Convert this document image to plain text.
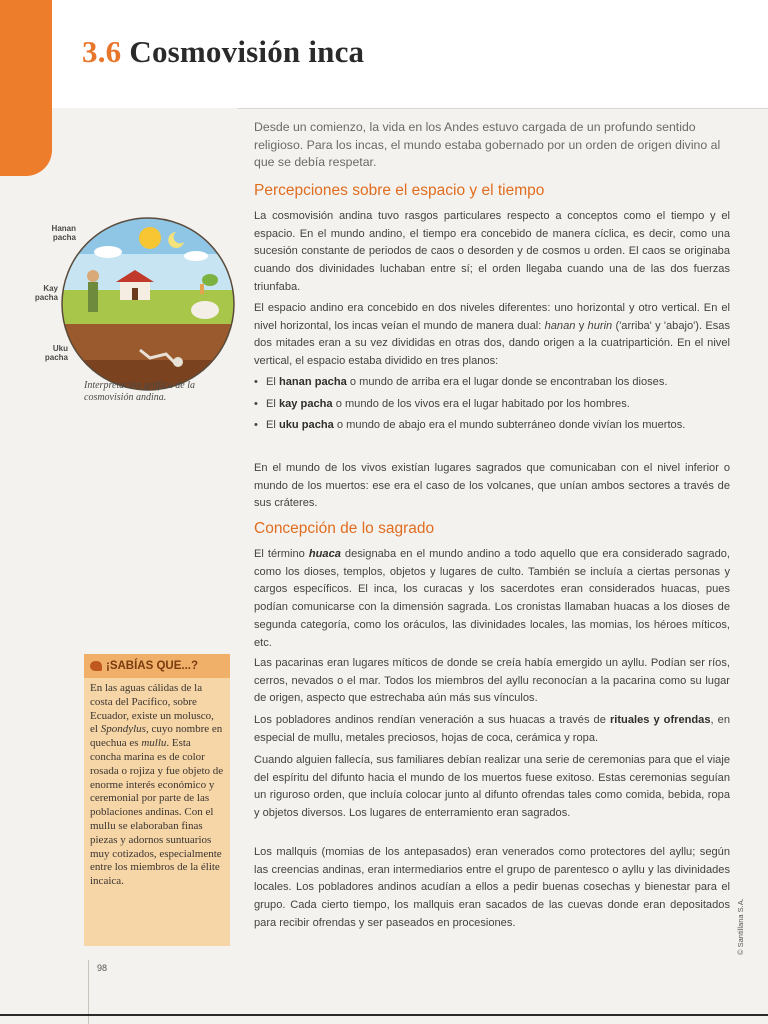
3.6 Cosmovisión inca
Hanan
pacha
Kay
pacha
Uku
pacha

Interpretación gráfica de la cosmovisión andina.

¡SABÍAS QUE...?

En las aguas cálidas de la costa del Pacífico, sobre Ecuador, existe un molusco, el Spondylus, cuyo nombre en quechua es mullu. Esta concha marina es de color rosada o rojiza y fue objeto de enorme interés económico y ceremonial por parte de las poblaciones andinas. Con el mullu se elaboraban finas piezas y adornos suntuarios muy cotizados, especialmente entre los miembros de la élite incaica.

Desde un comienzo, la vida en los Andes estuvo cargada de un profundo sentido religioso. Para los incas, el mundo estaba gobernado por un orden de origen divino al que se debía respetar.

Percepciones sobre el espacio y el tiempo

La cosmovisión andina tuvo rasgos particulares respecto a conceptos como el tiempo y el espacio. En el mundo andino, el tiempo era concebido de manera cíclica, es decir, como una sucesión constante de periodos de caos o desorden y de cosmos u orden. El caos se originaba cuando dos divinidades luchaban entre sí; el orden llegaba cuando una de las dos fuerzas triunfaba.

El espacio andino era concebido en dos niveles diferentes: uno horizontal y otro vertical. En el nivel horizontal, los incas veían el mundo de manera dual: hanan y hurin ('arriba' y 'abajo'). Esas dos mitades eran a su vez divididas en otras dos, dando origen a la cuatripartición. En el nivel vertical, el espacio estaba dividido en tres planos:

• El hanan pacha o mundo de arriba era el lugar donde se encontraban los dioses.
• El kay pacha o mundo de los vivos era el lugar habitado por los hombres.
• El uku pacha o mundo de abajo era el mundo subterráneo donde vivían los muertos.

En el mundo de los vivos existían lugares sagrados que comunicaban con el nivel inferior o mundo de los muertos: ese era el caso de los volcanes, que unían ambos sectores a través de sus cráteres.

Concepción de lo sagrado

El término huaca designaba en el mundo andino a todo aquello que era considerado sagrado, como los dioses, templos, objetos y lugares de culto. También se incluía a ciertas personas y cargos específicos. El inca, los curacas y los sacerdotes eran considerados huacas, pues podían comunicarse con la dimensión sagrada. Los cronistas llamaban huacas a los dioses de segunda categoría, como los oráculos, las divinidades locales, las momias, los héroes míticos, etc.

Las pacarinas eran lugares míticos de donde se creía había emergido un ayllu. Podían ser ríos, cerros, nevados o el mar. Todos los miembros del ayllu reconocían a la pacarina como su lugar de origen, aspecto que estrechaba aún más sus vínculos.

Los pobladores andinos rendían veneración a sus huacas a través de rituales y ofrendas, en especial de mullu, metales preciosos, hojas de coca, cerámica y ropa.

Cuando alguien fallecía, sus familiares debían realizar una serie de ceremonias para que el viaje del espíritu del difunto hacia el mundo de los muertos fuese exitoso. Estas ceremonias seguían un riguroso orden, que incluía colocar junto al difunto ofrendas tales como comida, bebida, ropa y objetos diversos. Los lugares de enterramiento eran sagrados.

Los mallquis (momias de los antepasados) eran venerados como protectores del ayllu; según las creencias andinas, eran intermediarios entre el grupo de parentesco o ayllu y las divinidades locales. Los pobladores andinos acudían a ellos a pedir buenas cosechas y bienestar para el grupo. Cada cierto tiempo, los mallquis eran sacados de las cuevas donde eran depositados para recibir ofrendas y ser paseados en procesiones.

98
© Santillana S.A.
